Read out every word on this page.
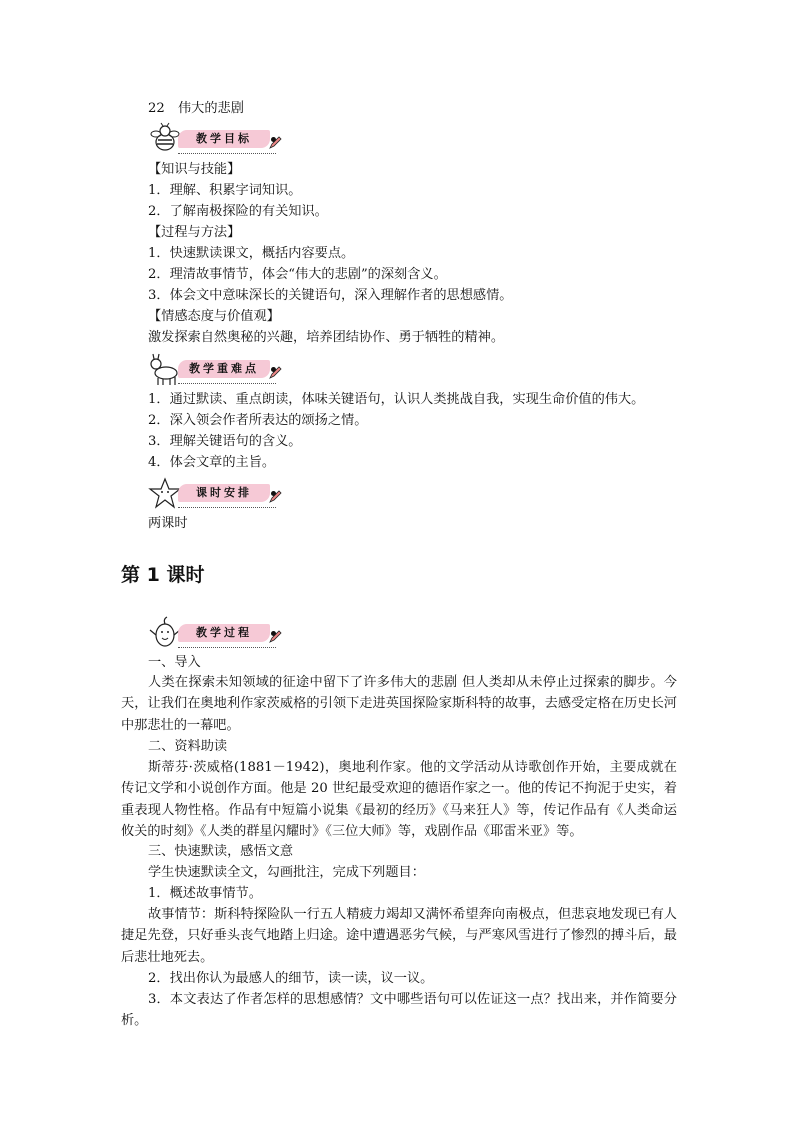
22　伟大的悲剧
教学目标
【知识与技能】
1．理解、积累字词知识。
2．了解南极探险的有关知识。
【过程与方法】
1．快速默读课文，概括内容要点。
2．理清故事情节，体会“伟大的悲剧”的深刻含义。
3．体会文中意味深长的关键语句，深入理解作者的思想感情。
【情感态度与价值观】
激发探索自然奥秘的兴趣，培养团结协作、勇于牺牲的精神。
教学重难点
1．通过默读、重点朗读，体味关键语句，认识人类挑战自我，实现生命价值的伟大。
2．深入领会作者所表达的颂扬之情。
3．理解关键语句的含义。
4．体会文章的主旨。
课时安排
两课时
第 1 课时
教学过程
一、导入
人类在探索未知领域的征途中留下了许多伟大的悲剧 但人类却从未停止过探索的脚步。今天，让我们在奥地利作家茨威格的引领下走进英国探险家斯科特的故事，去感受定格在历史长河中那悲壮的一幕吧。
二、资料助读
斯蒂芬·茨威格(1881－1942)，奥地利作家。他的文学活动从诗歌创作开始，主要成就在传记文学和小说创作方面。他是 20 世纪最受欢迎的德语作家之一。他的传记不拘泥于史实，着重表现人物性格。作品有中短篇小说集《最初的经历》《马来狂人》等，传记作品有《人类命运攸关的时刻》《人类的群星闪耀时》《三位大师》等，戏剧作品《耶雷米亚》等。
三、快速默读，感悟文意
学生快速默读全文，勾画批注，完成下列题目：
1．概述故事情节。
故事情节：斯科特探险队一行五人精疲力竭却又满怀希望奔向南极点，但悲哀地发现已有人捷足先登，只好垂头丧气地踏上归途。途中遭遇恶劣气候，与严寒风雪进行了惨烈的搏斗后，最后悲壮地死去。
2．找出你认为最感人的细节，读一读，议一议。
3．本文表达了作者怎样的思想感情？文中哪些语句可以佐证这一点？找出来，并作简要分析。
